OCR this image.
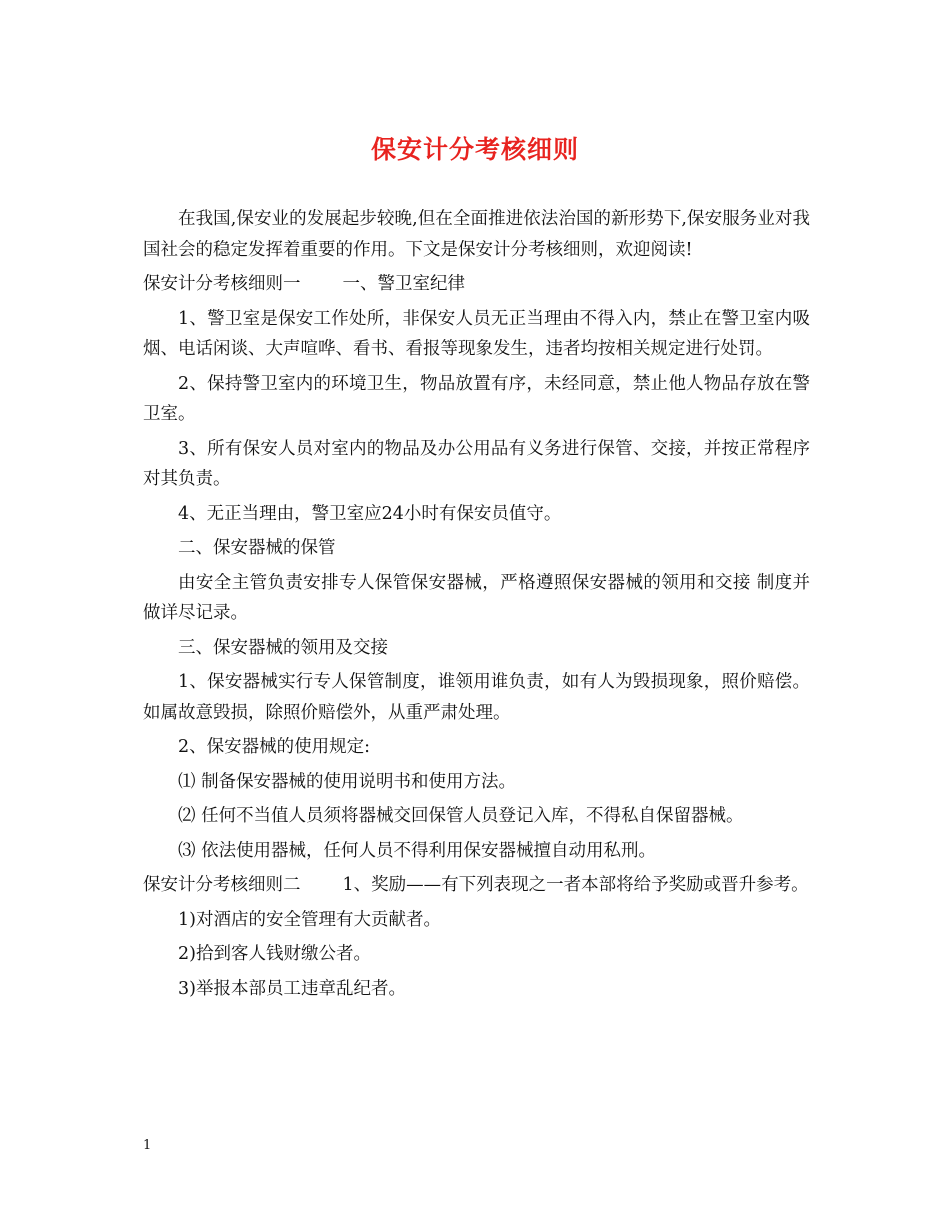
保安计分考核细则

在我国,保安业的发展起步较晚,但在全面推进依法治国的新形势下,保安服务业对我国社会的稳定发挥着重要的作用。下文是保安计分考核细则，欢迎阅读!

保安计分考核细则一 一、警卫室纪律

1、警卫室是保安工作处所，非保安人员无正当理由不得入内，禁止在警卫室内吸烟、电话闲谈、大声喧哗、看书、看报等现象发生，违者均按相关规定进行处罚。

2、保持警卫室内的环境卫生，物品放置有序，未经同意，禁止他人物品存放在警卫室。

3、所有保安人员对室内的物品及办公用品有义务进行保管、交接，并按正常程序对其负责。

4、无正当理由，警卫室应24小时有保安员值守。

二、保安器械的保管

由安全主管负责安排专人保管保安器械，严格遵照保安器械的领用和交接 制度并做详尽记录。

三、保安器械的领用及交接

1、保安器械实行专人保管制度，谁领用谁负责，如有人为毁损现象，照价赔偿。如属故意毁损，除照价赔偿外，从重严肃处理。

2、保安器械的使用规定:

⑴ 制备保安器械的使用说明书和使用方法。

⑵ 任何不当值人员须将器械交回保管人员登记入库，不得私自保留器械。

⑶ 依法使用器械，任何人员不得利用保安器械擅自动用私刑。

保安计分考核细则二 1、奖励——有下列表现之一者本部将给予奖励或晋升参考。

1)对酒店的安全管理有大贡献者。

2)拾到客人钱财缴公者。

3)举报本部员工违章乱纪者。

1
